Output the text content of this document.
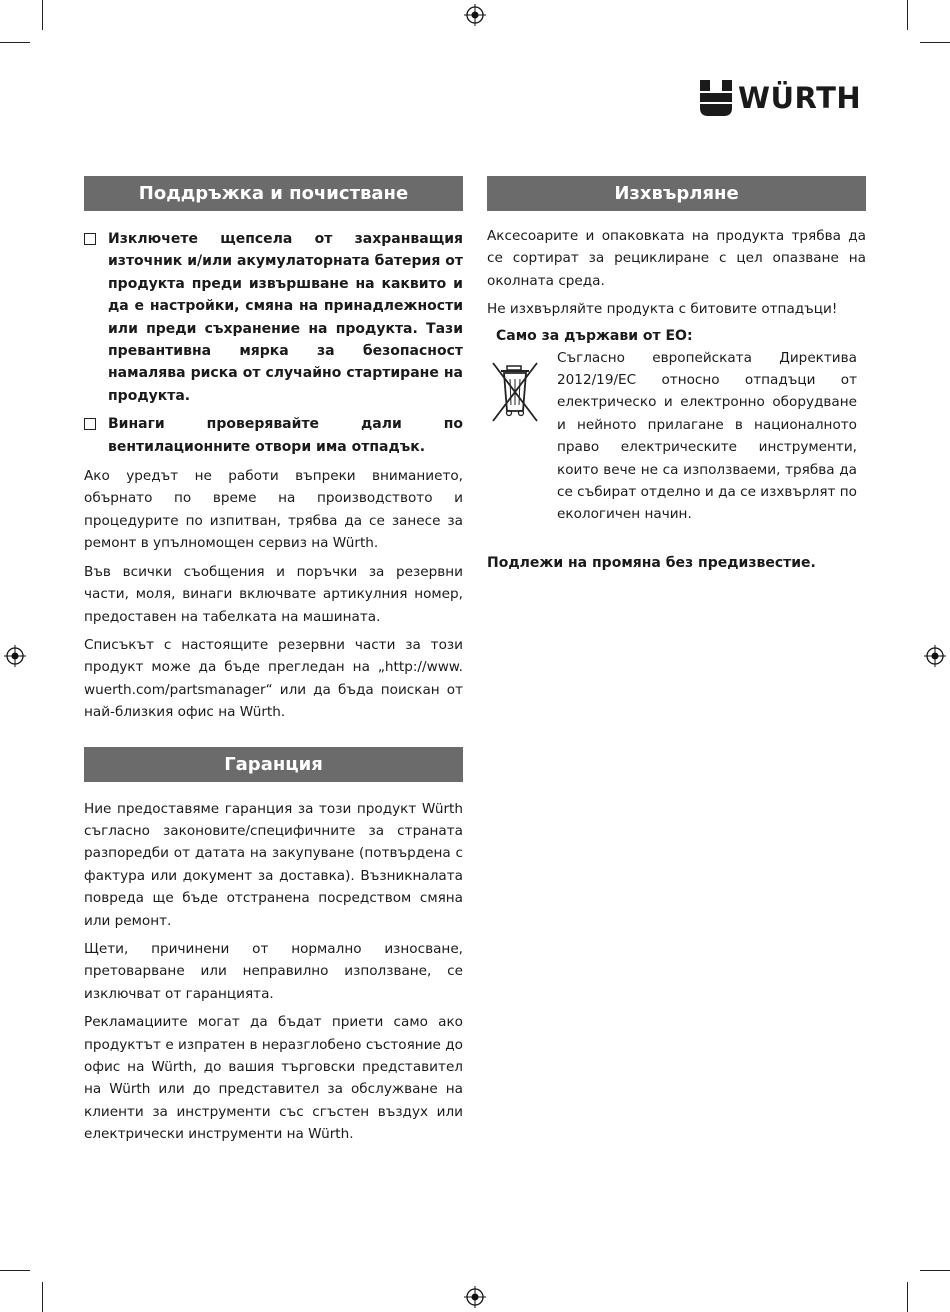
WÜRTH
Поддръжка и почистване
Изключете щепсела от захранващия източник и/или акумулаторната батерия от продукта преди извършване на каквито и да е настройки, смяна на принадлежности или преди съхранение на продукта. Тази превантивна мярка за безопасност намалява риска от случайно стартиране на продукта.
Винаги проверявайте дали по вентилационните отвори има отпадък.

Ако уредът не работи въпреки вниманието, обърнато по време на производството и процедурите по изпитван, трябва да се занесе за ремонт в упълномощен сервиз на Würth.

Във всички съобщения и поръчки за резервни части, моля, винаги включвате артикулния номер, предоставен на табелката на машината.

Списъкът с настоящите резервни части за този продукт може да бъде прегледан на „http://www. wuerth.com/partsmanager“ или да бъда поискан от най-близкия офис на Würth.

Гаранция

Ние предоставяме гаранция за този продукт Würth съгласно законовите/специфичните за страната разпоредби от датата на закупуване (потвърдена с фактура или документ за доставка). Възникналата повреда ще бъде отстранена посредством смяна или ремонт.

Щети, причинени от нормално износване, претоварване или неправилно използване, се изключват от гаранцията.

Рекламациите могат да бъдат приети само ако продуктът е изпратен в неразглобено състояние до офис на Würth, до вашия търговски представител на Würth или до представител за обслужване на клиенти за инструменти със сгъстен въздух или електрически инструменти на Würth.

Изхвърляне

Аксесоарите и опаковката на продукта трябва да се сортират за рециклиране с цел опазване на околната среда.

Не изхвърляйте продукта с битовите отпадъци!

Само за държави от ЕО:

Съгласно европейската Директива 2012/19/ЕС относно отпадъци от електрическо и електронно оборудване и нейното прилагане в националното право електрическите инструменти, които вече не са използваеми, трябва да се събират отделно и да се изхвърлят по екологичен начин.

Подлежи на промяна без предизвестие.
